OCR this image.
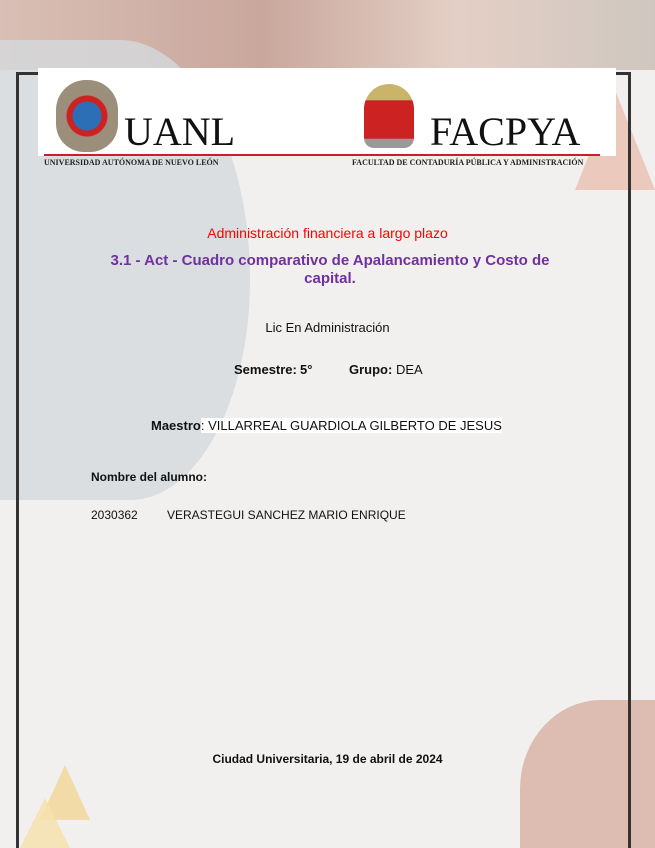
UANL	FACPYA
UNIVERSIDAD AUTÓNOMA DE NUEVO LEÓN	FACULTAD DE CONTADURÍA PÚBLICA Y ADMINISTRACIÓN
Administración financiera a largo plazo
3.1 - Act - Cuadro comparativo de Apalancamiento y Costo de capital.
Lic En Administración
Semestre: 5°	Grupo: DEA
Maestro: VILLARREAL GUARDIOLA GILBERTO DE JESUS
Nombre del alumno:
2030362 VERASTEGUI SANCHEZ MARIO ENRIQUE
Ciudad Universitaria, 19 de abril de 2024
